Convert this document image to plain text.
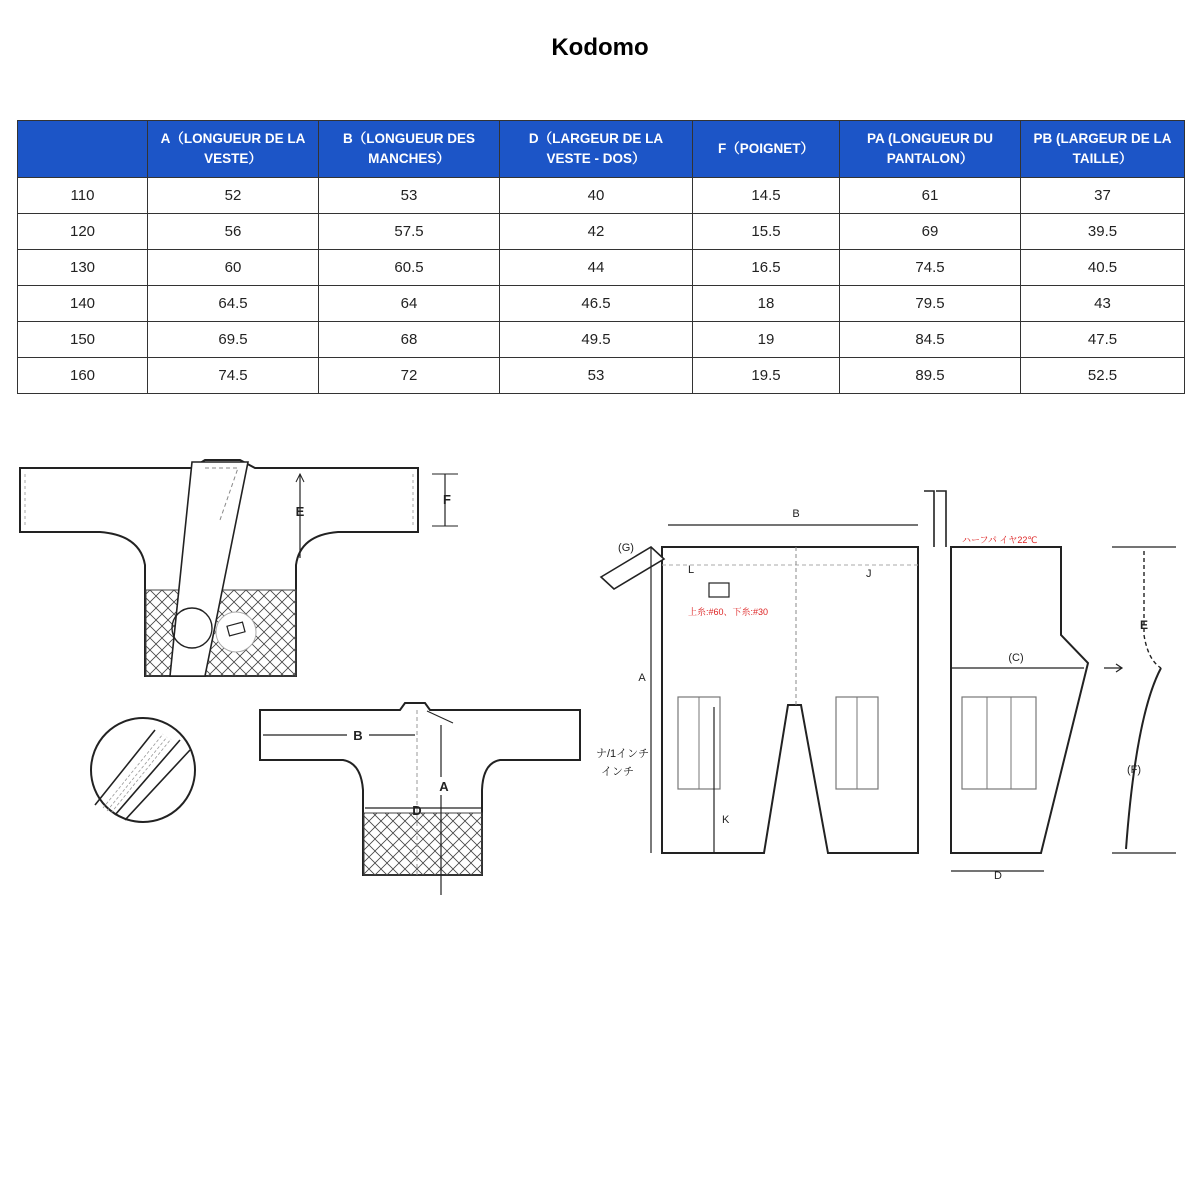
Kodomo
	A（LONGUEUR DE LA VESTE）	B（LONGUEUR DES MANCHES）	D（LARGEUR DE LA VESTE - DOS）	F（POIGNET）	PA (LONGUEUR DU PANTALON）	PB (LARGEUR DE LA TAILLE）
110	52	53	40	14.5	61	37
120	56	57.5	42	15.5	69	39.5
130	60	60.5	44	16.5	74.5	40.5
140	64.5	64	46.5	18	79.5	43
150	69.5	68	49.5	19	84.5	47.5
160	74.5	72	53	19.5	89.5	52.5
E
F
B
A
D
(G)
B
L	J
上糸:#60、下糸:#30
A
ナ/1インチ
インチ
K
ハーフパ イヤ22℃
(C)
D
E
(F)
